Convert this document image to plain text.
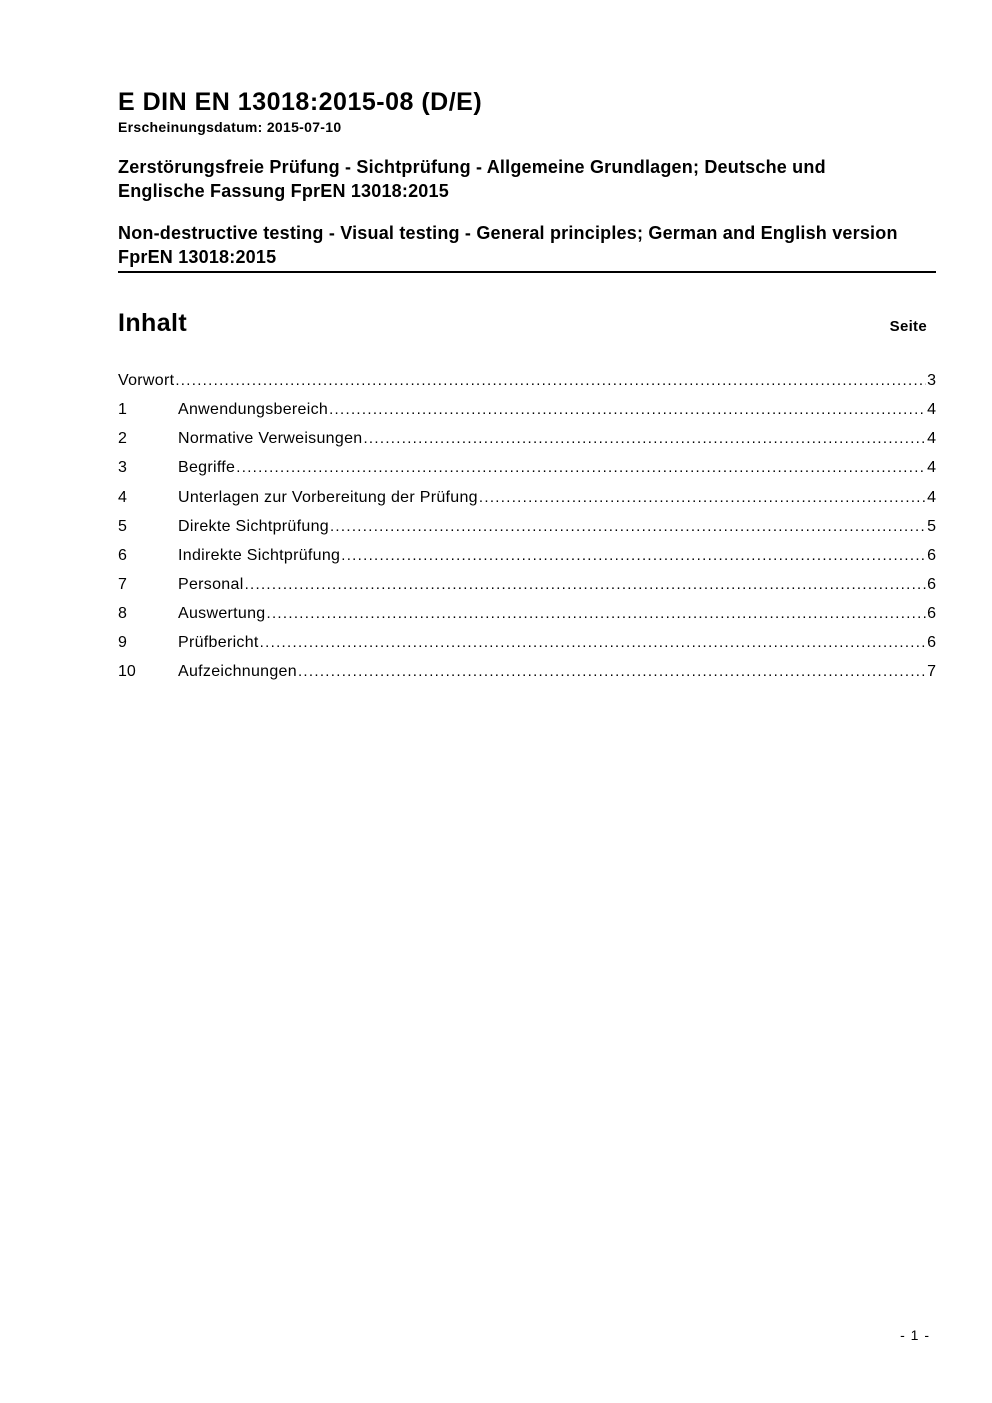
E DIN EN 13018:2015-08 (D/E)
Erscheinungsdatum: 2015-07-10
Zerstörungsfreie Prüfung - Sichtprüfung - Allgemeine Grundlagen; Deutsche und Englische Fassung FprEN 13018:2015
Non-destructive testing - Visual testing - General principles; German and English version FprEN 13018:2015
Inhalt	Seite
Vorwort .....	3
1	Anwendungsbereich .....	4
2	Normative Verweisungen .....	4
3	Begriffe .....	4
4	Unterlagen zur Vorbereitung der Prüfung .....	4
5	Direkte Sichtprüfung .....	5
6	Indirekte Sichtprüfung .....	6
7	Personal .....	6
8	Auswertung .....	6
9	Prüfbericht .....	6
10	Aufzeichnungen .....	7
- 1 -
